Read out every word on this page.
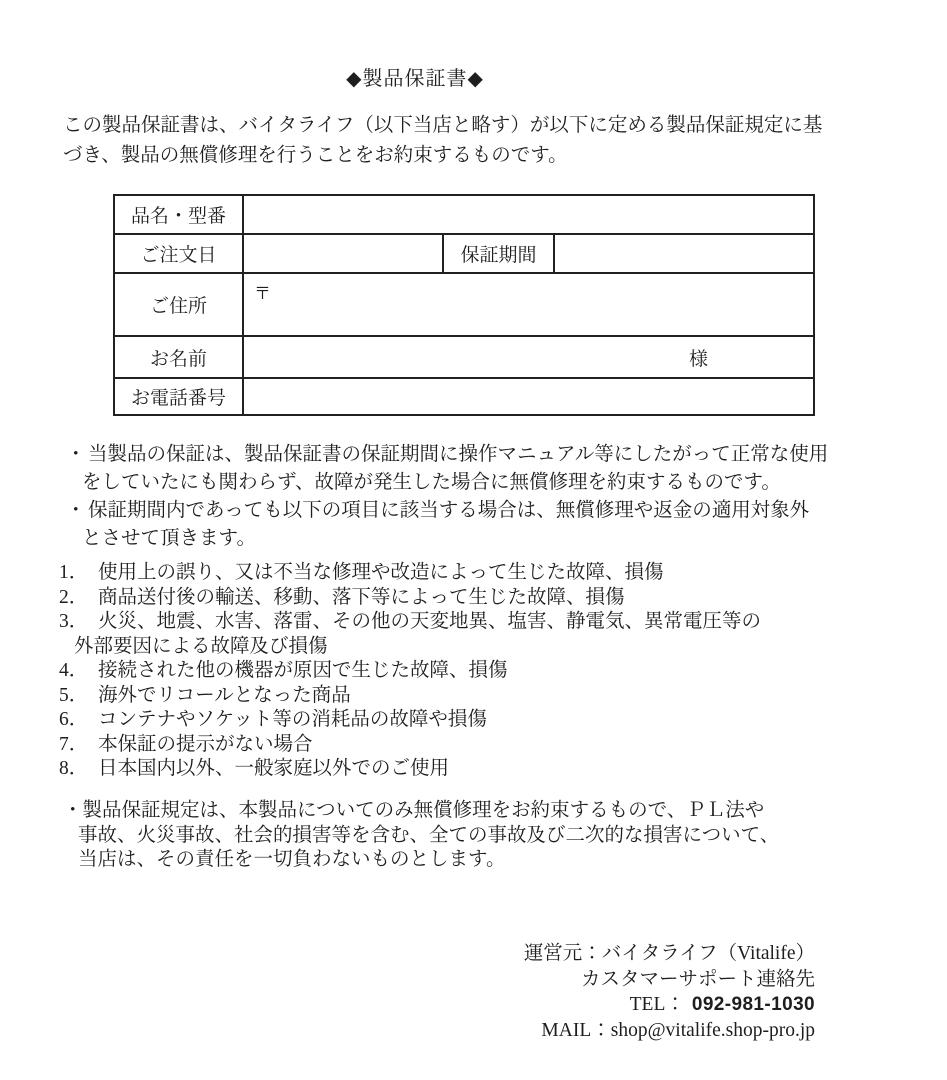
◆製品保証書◆
この製品保証書は、バイタライフ（以下当店と略す）が以下に定める製品保証規定に基
づき、製品の無償修理を行うことをお約束するものです。
品名・型番			
ご注文日		保証期間	
ご住所	〒		
お名前	様		
お電話番号			
・ 当製品の保証は、製品保証書の保証期間に操作マニュアル等にしたがって正常な使用
をしていたにも関わらず、故障が発生した場合に無償修理を約束するものです。
・ 保証期間内であっても以下の項目に該当する場合は、無償修理や返金の適用対象外
とさせて頂きます。
1．　使用上の誤り、又は不当な修理や改造によって生じた故障、損傷
2．　商品送付後の輸送、移動、落下等によって生じた故障、損傷
3．　火災、地震、水害、落雷、その他の天変地異、塩害、静電気、異常電圧等の
外部要因による故障及び損傷
4．　接続された他の機器が原因で生じた故障、損傷
5．　海外でリコールとなった商品
6．　コンテナやソケット等の消耗品の故障や損傷
7．　本保証の提示がない場合
8．　日本国内以外、一般家庭以外でのご使用
・製品保証規定は、本製品についてのみ無償修理をお約束するもので、ＰＬ法や
事故、火災事故、社会的損害等を含む、全ての事故及び二次的な損害について、
当店は、その責任を一切負わないものとします。
運営元：バイタライフ（Vitalife）
カスタマーサポート連絡先
TEL： 092-981-1030
MAIL：shop@vitalife.shop-pro.jp
